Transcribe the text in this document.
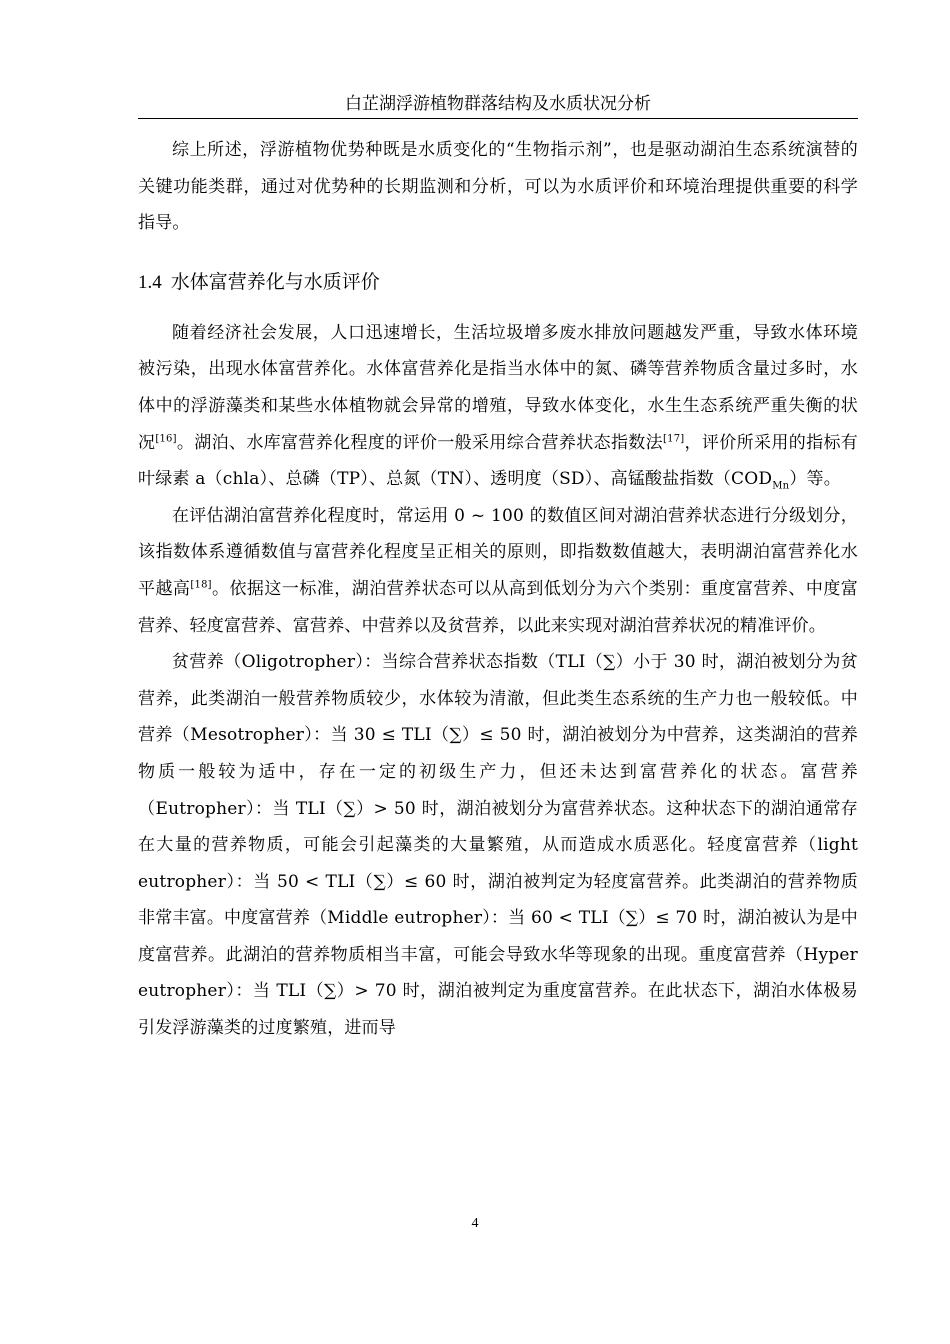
白芷湖浮游植物群落结构及水质状况分析

综上所述，浮游植物优势种既是水质变化的“生物指示剂”，也是驱动湖泊生态系统演替的关键功能类群，通过对优势种的长期监测和分析，可以为水质评价和环境治理提供重要的科学指导。

1.4 水体富营养化与水质评价

随着经济社会发展，人口迅速增长，生活垃圾增多废水排放问题越发严重，导致水体环境被污染，出现水体富营养化。水体富营养化是指当水体中的氮、磷等营养物质含量过多时，水体中的浮游藻类和某些水体植物就会异常的增殖，导致水体变化，水生生态系统严重失衡的状况[16]。湖泊、水库富营养化程度的评价一般采用综合营养状态指数法[17]，评价所采用的指标有叶绿素 a（chla）、总磷（TP）、总氮（TN）、透明度（SD）、高锰酸盐指数$(COD_{Mn})$等。

在评估湖泊富营养化程度时，常运用 0 ~ 100 的数值区间对湖泊营养状态进行分级划分，该指数体系遵循数值与富营养化程度呈正相关的原则，即指数数值越大，表明湖泊富营养化水平越高[18]。依据这一标准，湖泊营养状态可以从高到低划分为六个类别：重度富营养、中度富营养、轻度富营养、富营养、中营养以及贫营养，以此来实现对湖泊营养状况的精准评价。

贫营养（Oligotropher）：当综合营养状态指数（TLI（∑）小于 30 时，湖泊被划分为贫营养，此类湖泊一般营养物质较少，水体较为清澈，但此类生态系统的生产力也一般较低。中营养（Mesotropher）：当 30 ≤ TLI（∑）≤ 50 时，湖泊被划分为中营养，这类湖泊的营养物质一般较为适中，存在一定的初级生产力，但还未达到富营养化的状态。富营养（Eutropher）：当 TLI（∑）> 50 时，湖泊被划分为富营养状态。这种状态下的湖泊通常存在大量的营养物质，可能会引起藻类的大量繁殖，从而造成水质恶化。轻度富营养（light eutropher）：当 50 < TLI（∑）≤ 60 时，湖泊被判定为轻度富营养。此类湖泊的营养物质非常丰富。中度富营养（Middle eutropher）：当 60 < TLI（∑）≤ 70 时，湖泊被认为是中度富营养。此湖泊的营养物质相当丰富，可能会导致水华等现象的出现。重度富营养（Hyper eutropher）：当 TLI（∑）> 70 时，湖泊被判定为重度富营养。在此状态下，湖泊水体极易引发浮游藻类的过度繁殖，进而导

4
